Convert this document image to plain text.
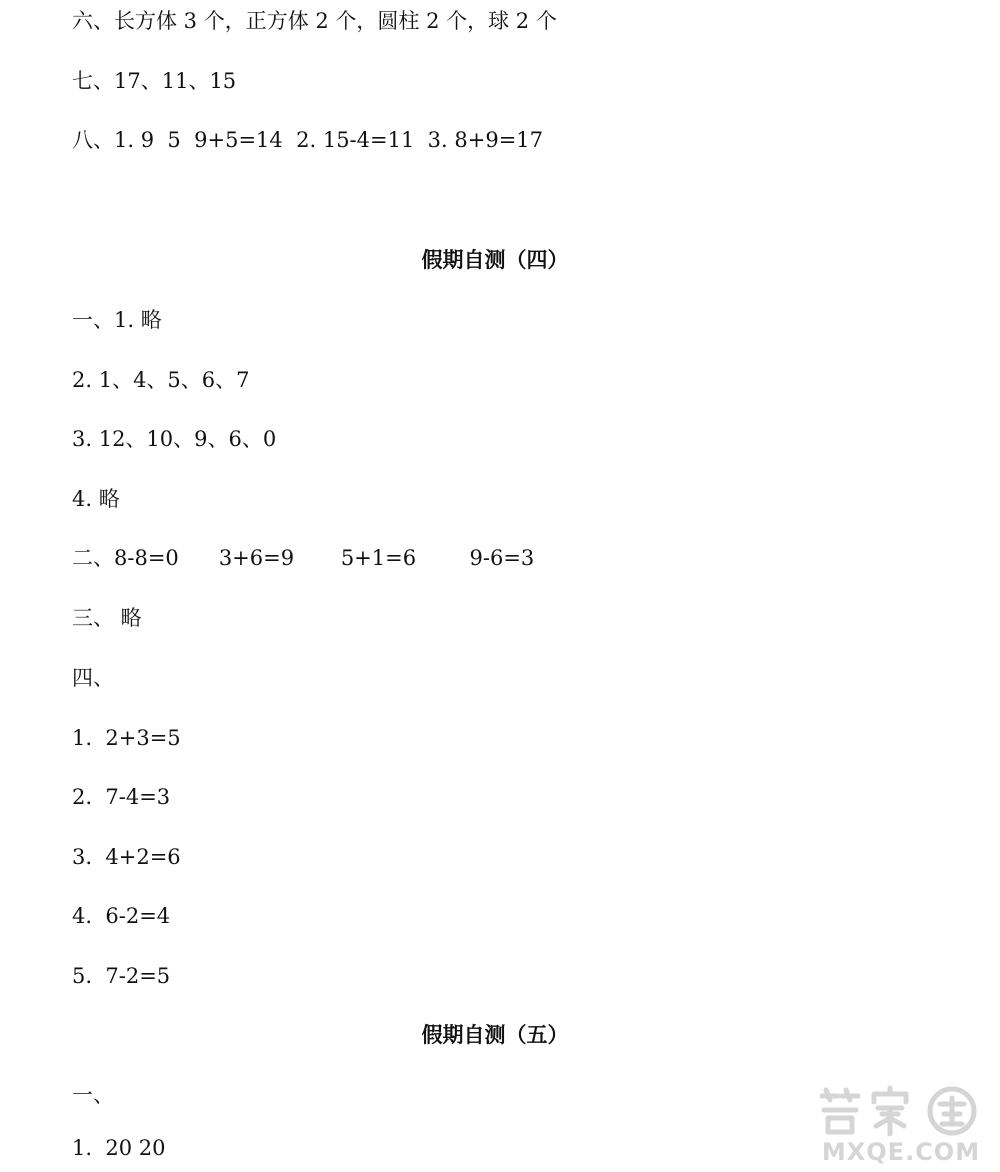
六、长方体 3 个，正方体 2 个，圆柱 2 个，球 2 个
七、17、11、15
八、1. 9  5  9+5=14  2. 15-4=11  3. 8+9=17
假期自测（四）
一、1. 略
2. 1、4、5、6、7
3. 12、10、9、6、0
4. 略
二、8-8=0      3+6=9       5+1=6        9-6=3
三、 略
四、
1.  2+3=5
2.  7-4=3
3.  4+2=6
4.  6-2=4
5.  7-2=5
假期自测（五）
一、
1.  20 20	MXQE.COM
